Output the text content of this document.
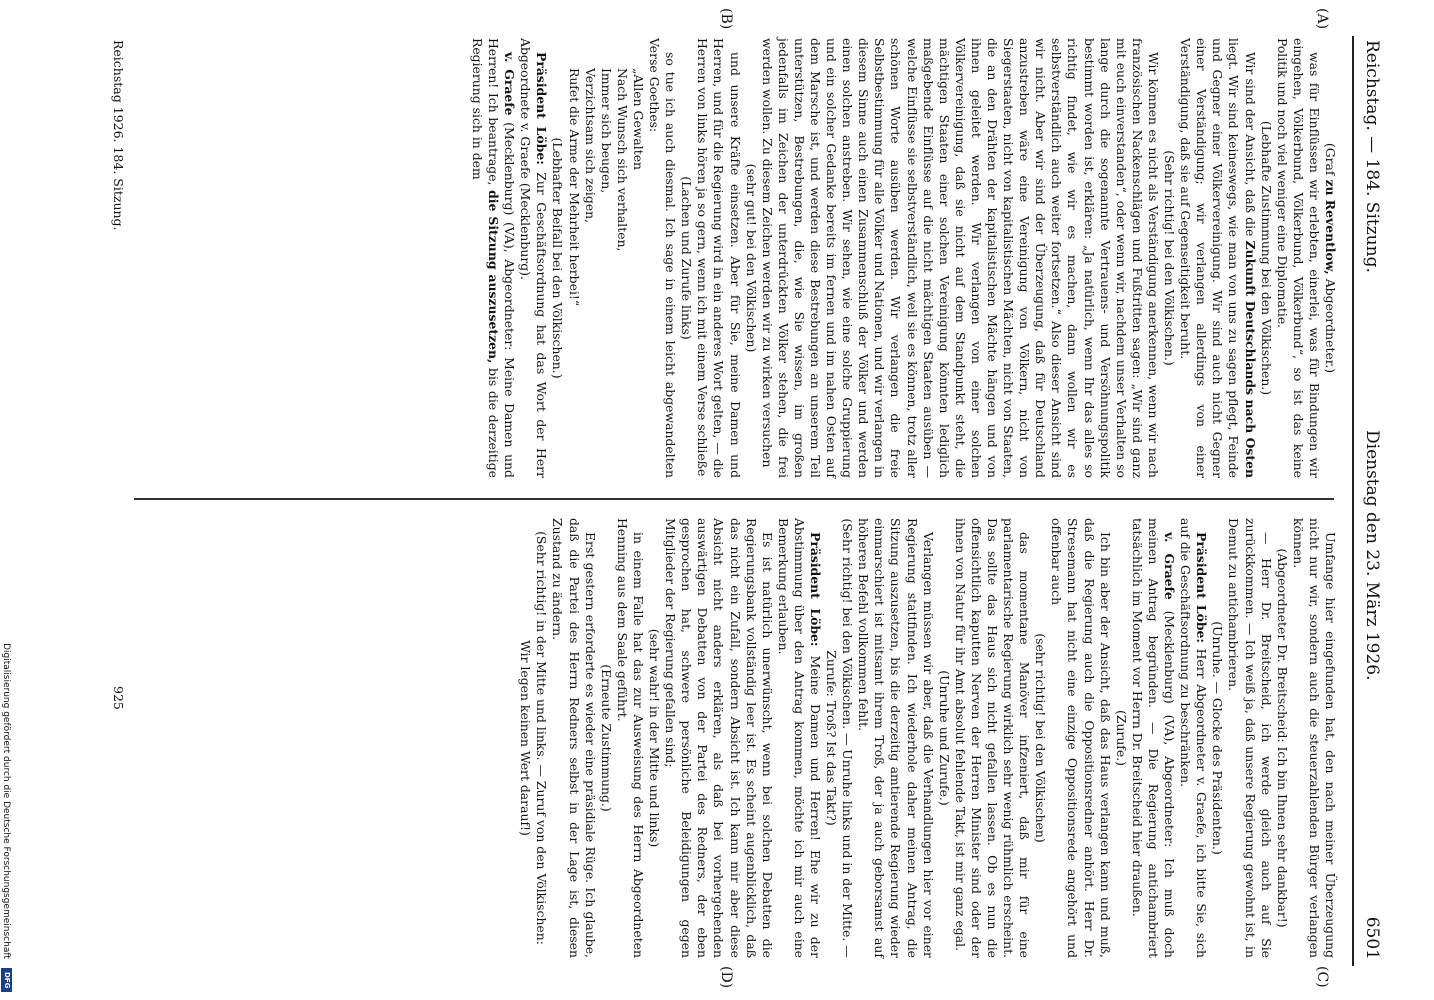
Reichstag. — 184. Sitzung.
Dienstag den 23. März 1926.
6501
(A)
(B)
(C)
(D)

(Graf zu Reventlow, Abgeordneter.)

was für Einflüssen wir erlebten, einerlei, was für Bindungen wir eingehen, Völkerbund, Völkerbund, Völkerbund“, so ist das keine Politik und noch viel weniger eine Diplomatie.

(Lebhafte Zustimmung bei den Völkischen.)

Wir sind der Ansicht, daß die Zukunft Deutschlands nach Osten liegt. Wir sind keineswegs, wie man von uns zu sagen pflegt, Feinde und Gegner einer Völkervereinigung. Wir sind auch nicht Gegner einer Verständigung; wir verlangen allerdings von einer Verständigung, daß sie auf Gegenseitigkeit beruht.

(Sehr richtig! bei den Völkischen.)

Wir können es nicht als Verständigung anerkennen, wenn wir nach französischen Nackenschlägen und Fußtritten sagen: „Wir sind ganz mit euch einverstanden“, oder wenn wir, nachdem unser Verhalten so lange durch die sogenannte Vertrauens- und Versöhnungspolitik bestimmt worden ist, erklären: „Ja natürlich, wenn Ihr das alles so richtig findet, wie wir es machen, dann wollen wir es selbstverständlich auch weiter fortsetzen.“ Also dieser Ansicht sind wir nicht. Aber wir sind der Überzeugung, daß für Deutschland anzustreben wäre eine Vereinigung von Völkern, nicht von Siegerstaaten, nicht von kapitalistischen Mächten, nicht von Staaten, die an den Drähten der kapitalistischen Mächte hängen und von ihnen geleitet werden. Wir verlangen von einer solchen Völkervereinigung, daß sie nicht auf dem Standpunkt steht, die mächtigen Staaten einer solchen Vereinigung könnten lediglich maßgebende Einflüsse auf die nicht mächtigen Staaten ausüben — welche Einflüsse sie selbstverständlich, weil sie es können, trotz aller schönen Worte ausüben werden. Wir verlangen die freie Selbstbestimmung für alle Völker und Nationen, und wir verlangen in diesem Sinne auch einen Zusammenschluß der Völker und werden einen solchen anstreben. Wir sehen, wie eine solche Gruppierung und ein solcher Gedanke bereits im fernen und im nahen Osten auf dem Marsche ist, und werden diese Bestrebungen an unserem Teil unterstützen, Bestrebungen, die, wie Sie wissen, im großen jedenfalls im Zeichen der unterdrückten Völker stehen, die frei werden wollen. Zu diesem Zeichen werden wir zu wirken versuchen

(sehr gut! bei den Völkischen)

und unsere Kräfte einsetzen. Aber für Sie, meine Damen und Herren, und für die Regierung wird in ein anderes Wort gelten, — die Herren von links hören ja so gern, wenn ich mit einem Verse schließe

(Lachen und Zurufe links)

so tue ich auch diesmal. Ich sage in einem leicht abgewandelten Verse Goethes:

„Allen Gewalten
Nach Wunsch sich verhalten,
Immer sich beugen,
Verzichtsam sich zeigen,
Rufet die Arme der Mehrheit herbei!“

(Lebhafter Beifall bei den Völkischen.)

Präsident Löbe: Zur Geschäftsordnung hat das Wort der Herr Abgeordnete v. Graefe (Mecklenburg).

v. Graefe (Mecklenburg) (VA), Abgeordneter: Meine Damen und Herren! Ich beantrage, die Sitzung auszusetzen, bis die derzeitige Regierung sich in dem

Umfange hier eingefunden hat, den nach meiner Überzeugung nicht nur wir, sondern auch die steuerzahlenden Bürger verlangen können.

(Abgeordneter Dr. Breitscheid: Ich bin Ihnen sehr dankbar!)

— Herr Dr. Breitscheid, ich werde gleich auch auf Sie zurückkommen. — Ich weiß ja, daß unsere Regierung gewohnt ist, in Demut zu antichambrieren.

(Unruhe. — Glocke des Präsidenten.)

Präsident Löbe: Herr Abgeordneter v. Graefe, ich bitte Sie, sich auf die Geschäftsordnung zu beschränken.

v. Graefe (Mecklenburg) (VA), Abgeordneter: Ich muß doch meinen Antrag begründen. — Die Regierung antichambriert tatsächlich im Moment vor Herrn Dr. Breitscheid hier draußen.

(Zurufe.)

Ich bin aber der Ansicht, daß das Haus verlangen kann und muß, daß die Regierung auch die Oppositionsredner anhört. Herr Dr. Stresemann hat nicht eine einzige Oppositionsrede angehört und offenbar auch

(sehr richtig! bei den Völkischen)

das momentane Manöver infzeniert, daß mir für eine parlamentarische Regierung wirklich sehr wenig rühmlich erscheint. Das sollte das Haus sich nicht gefallen lassen. Ob es nun die offensichtlich kaputten Nerven der Herren Minister sind oder der ihnen von Natur für ihr Amt absolut fehlende Takt, ist mir ganz egal.

(Unruhe und Zurufe.)

Verlangen müssen wir aber, daß die Verhandlungen hier vor einer Regierung stattfinden. Ich wiederhole daher meinen Antrag, die Sitzung auszusetzen, bis die derzeitig amtierende Regierung wieder einmarschiert ist mitsamt ihrem Troß, der ja auch geborsamst auf höheren Befehl vollkommen fehlt.

(Sehr richtig! bei den Völkischen. — Unruhe links und in der Mitte. — Zurufe: Troß? Ist das Takt?)

Präsident Löbe: Meine Damen und Herren! Ehe wir zu der Abstimmung über den Antrag kommen, möchte ich mir auch eine Bemerkung erlauben.

Es ist natürlich unerwünscht, wenn bei solchen Debatten die Regierungsbank vollständig leer ist. Es scheint augenblicklich, daß das nicht ein Zufall, sondern Absicht ist. Ich kann mir aber diese Absicht nicht anders erklären, als daß bei vorhergehenden auswärtigen Debatten von der Partei des Redners, der eben gesprochen hat, schwere persönliche Beleidigungen gegen Mitglieder der Regierung gefallen sind;

(sehr wahr! in der Mitte und links)

in einem Falle hat das zur Ausweisung des Herrn Abgeordneten Henning aus dem Saale geführt.

(Erneute Zustimmung.)

Erst gestern erforderte es wieder eine präsidiale Rüge. Ich glaube, daß die Partei des Herrn Redners selbst in der Lage ist, diesen Zustand zu ändern.

(Sehr richtig! in der Mitte und links. — Zuruf von den Völkischen: Wir legen keinen Wert darauf!)

Reichstag 1926. 184. Sitzung.
925
Digitalisierung gefördert durch die Deutsche Forschungsgemeinschaft
DFG
